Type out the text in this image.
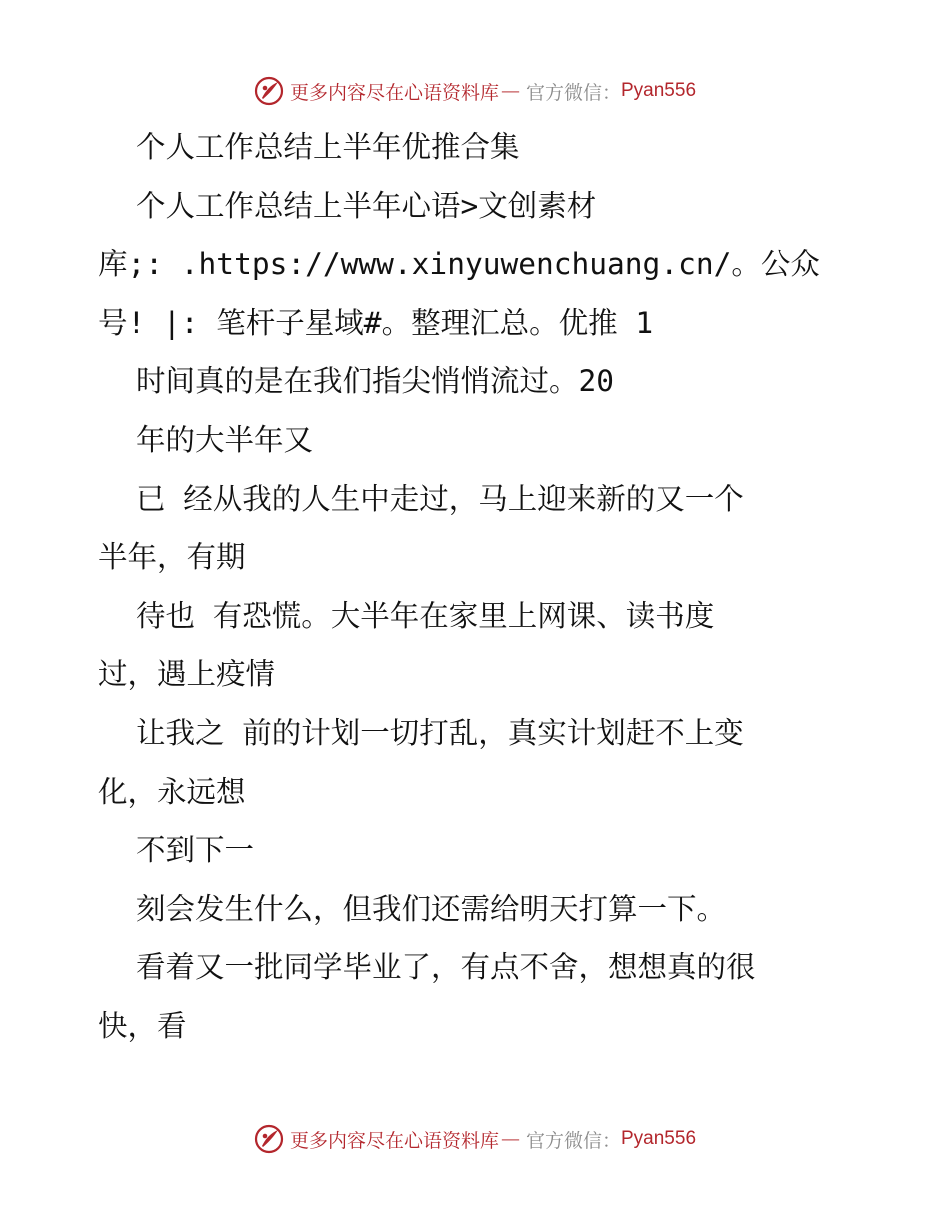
更多内容尽在心语资料库 — 官方微信： Pyan556
个人工作总结上半年优推合集
个人工作总结上半年心语>文创素材
库;: .https://www.xinyuwenchuang.cn/。公众
号! |: 笔杆子星域#。整理汇总。优推 1
时间真的是在我们指尖悄悄流过。20
年的大半年又
已 经从我的人生中走过，马上迎来新的又一个
半年，有期
待也 有恐慌。大半年在家里上网课、读书度
过，遇上疫情
让我之 前的计划一切打乱，真实计划赶不上变
化，永远想
不到下一
刻会发生什么，但我们还需给明天打算一下。
看着又一批同学毕业了，有点不舍，想想真的很
快，看
更多内容尽在心语资料库 — 官方微信： Pyan556
